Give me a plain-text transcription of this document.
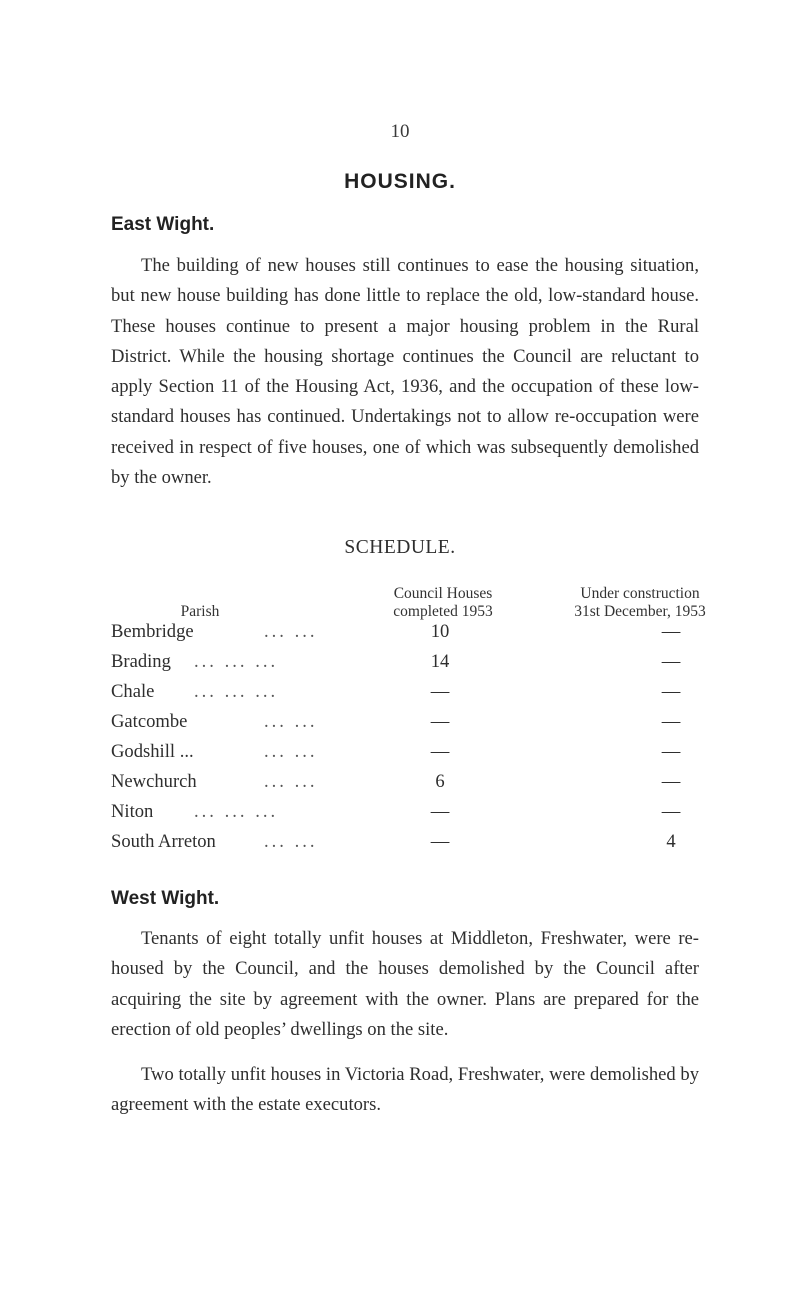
10
HOUSING.
East Wight.

The building of new houses still continues to ease the housing situation, but new house building has done little to replace the old, low-standard house. These houses continue to present a major housing problem in the Rural District. While the housing shortage continues the Council are reluctant to apply Section 11 of the Housing Act, 1936, and the occupation of these low-standard houses has continued. Undertakings not to allow re-occupation were received in respect of five houses, one of which was subsequently demolished by the owner.

SCHEDULE.
Parish
Council Houses
completed 1953
Under construction
31st December, 1953
Bembridge	... ...	10	—
Brading ... ... ...	14	—
Chale ... ... ...	—	—
Gatcombe	... ...	—	—
Godshill ...	... ...	—	—
Newchurch	... ...	6	—
Niton ... ... ...	—	—
South Arreton	... ...	—	4
West Wight.

Tenants of eight totally unfit houses at Middleton, Freshwater, were re-housed by the Council, and the houses demolished by the Council after acquiring the site by agreement with the owner. Plans are prepared for the erection of old peoples’ dwellings on the site.

Two totally unfit houses in Victoria Road, Freshwater, were demolished by agreement with the estate executors.
